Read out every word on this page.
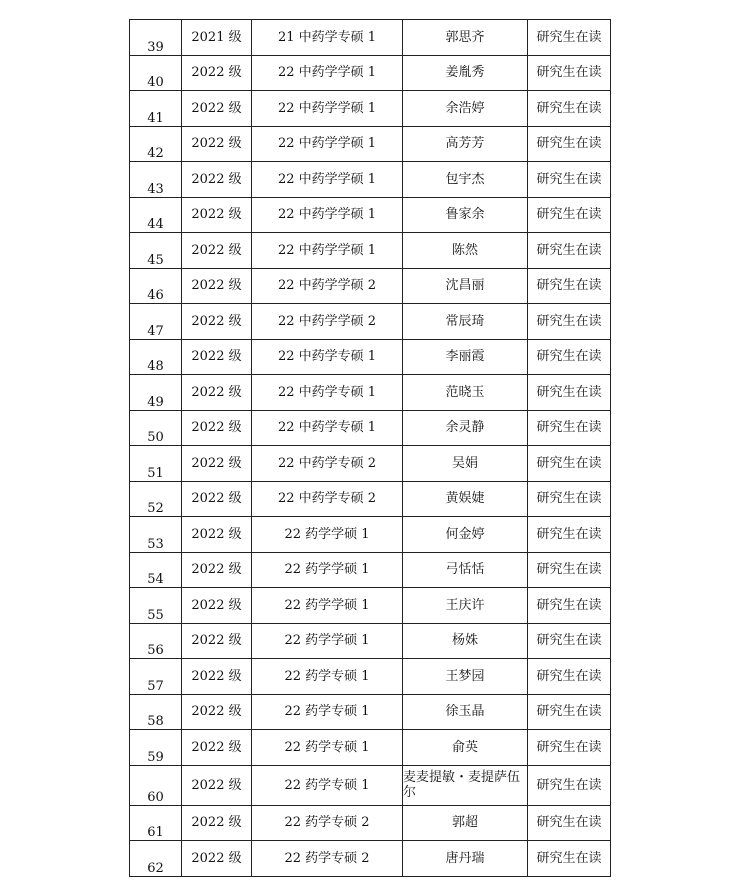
39	2021 级	21 中药学专硕 1	郭思齐	研究生在读
40	2022 级	22 中药学学硕 1	姜胤秀	研究生在读
41	2022 级	22 中药学学硕 1	余浩婷	研究生在读
42	2022 级	22 中药学学硕 1	高芳芳	研究生在读
43	2022 级	22 中药学学硕 1	包宇杰	研究生在读
44	2022 级	22 中药学学硕 1	鲁家余	研究生在读
45	2022 级	22 中药学学硕 1	陈然	研究生在读
46	2022 级	22 中药学学硕 2	沈昌丽	研究生在读
47	2022 级	22 中药学学硕 2	常辰琦	研究生在读
48	2022 级	22 中药学专硕 1	李丽霞	研究生在读
49	2022 级	22 中药学专硕 1	范晓玉	研究生在读
50	2022 级	22 中药学专硕 1	余灵静	研究生在读
51	2022 级	22 中药学专硕 2	吴娟	研究生在读
52	2022 级	22 中药学专硕 2	黄娱婕	研究生在读
53	2022 级	22 药学学硕 1	何金婷	研究生在读
54	2022 级	22 药学学硕 1	弓恬恬	研究生在读
55	2022 级	22 药学学硕 1	王庆许	研究生在读
56	2022 级	22 药学学硕 1	杨姝	研究生在读
57	2022 级	22 药学专硕 1	王梦园	研究生在读
58	2022 级	22 药学专硕 1	徐玉晶	研究生在读
59	2022 级	22 药学专硕 1	俞英	研究生在读
60	2022 级	22 药学专硕 1	麦麦提敏・麦提萨伍尔	研究生在读
61	2022 级	22 药学专硕 2	郭超	研究生在读
62	2022 级	22 药学专硕 2	唐丹瑞	研究生在读
